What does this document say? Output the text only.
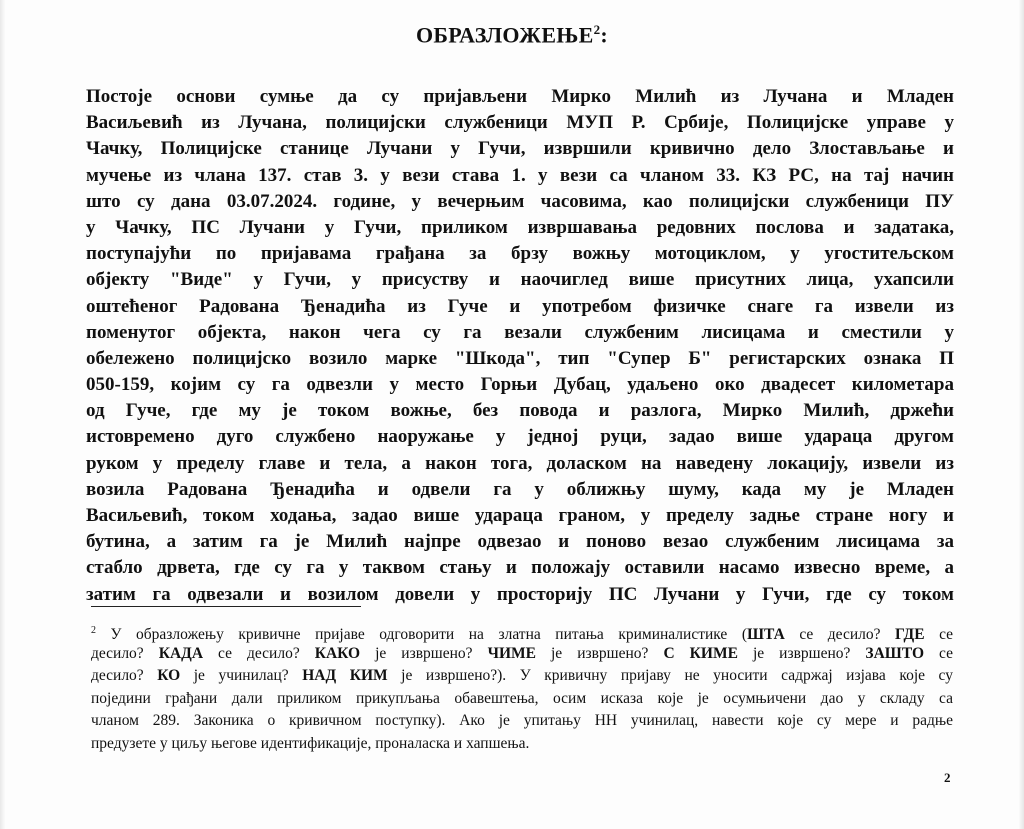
ОБРАЗЛОЖЕЊЕ$^2$:
Постоје основи сумње да су пријављени Мирко Милић из Лучана и Младен
Васиљевић из Лучана, полицијски службеници МУП Р. Србије, Полицијске управе у
Чачку, Полицијске станице Лучани у Гучи, извршили кривично дело Злостављање и
мучење из члана 137. став 3. у вези става 1. у вези са чланом 33. КЗ РС, на тај начин
што су дана 03.07.2024. године, у вечерњим часовима, као полицијски службеници ПУ
у Чачку, ПС Лучани у Гучи, приликом извршавања редовних послова и задатака,
поступајући по пријавама грађана за брзу вожњу мотоциклом, у угоститељском
објекту "Виде" у Гучи, у присуству и наочиглед више присутних лица, ухапсили
оштећеног Радована Ђенадића из Гуче и употребом физичке снаге га извели из
поменутог објекта, након чега су га везали службеним лисицама и сместили у
обележено полицијско возило марке "Шкода", тип "Супер Б" регистарских ознака П
050-159, којим су га одвезли у место Горњи Дубац, удаљено око двадесет километара
од Гуче, где му је током вожње, без повода и разлога, Мирко Милић, држећи
истовремено дуго службено наоружање у једној руци, задао више удараца другом
руком у пределу главе и тела, а након тога, доласком на наведену локацију, извели из
возила Радована Ђенадића и одвели га у оближњу шуму, када му је Младен
Васиљевић, током ходања, задао више удараца граном, у пределу задње стране ногу и
бутина, а затим га је Милић најпре одвезао и поново везао службеним лисицама за
стабло дрвета, где су га у таквом стању и положају оставили насамо извесно време, а
затим га одвезали и возилом довели у просторију ПС Лучани у Гучи, где су током
$^2$ У образложењу кривичне пријаве одговорити на златна питања криминалистике (ШТА се десило? ГДЕ се
десило? КАДА се десило? КАКО је извршено? ЧИМЕ је извршено? С КИМЕ је извршено? ЗАШТО се
десило? КО је учинилац? НАД КИМ је извршено?). У кривичну пријаву не уносити садржај изјава које су
поједини грађани дали приликом прикупљања обавештења, осим исказа које је осумњичени дао у складу са
чланом 289. Законика о кривичном поступку). Ако је упитању НН учинилац, навести које су мере и радње
предузете у циљу његове идентификације, проналаска и хапшења.
2
